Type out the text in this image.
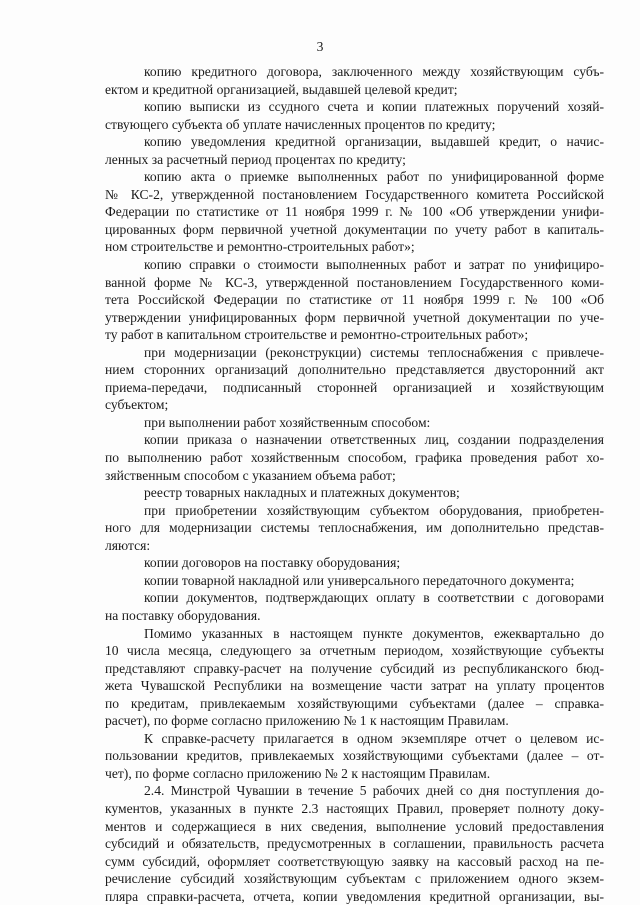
3
копию кредитного договора, заключенного между хозяйствующим субъ-
ектом и кредитной организацией, выдавшей целевой кредит;
копию выписки из ссудного счета и копии платежных поручений хозяй-
ствующего субъекта об уплате начисленных процентов по кредиту;
копию уведомления кредитной организации, выдавшей кредит, о начис-
ленных за расчетный период процентах по кредиту;
копию акта о приемке выполненных работ по унифицированной форме
№ КС-2, утвержденной постановлением Государственного комитета Российской
Федерации по статистике от 11 ноября 1999 г. № 100 «Об утверждении унифи-
цированных форм первичной учетной документации по учету работ в капиталь-
ном строительстве и ремонтно-строительных работ»;
копию справки о стоимости выполненных работ и затрат по унифициро-
ванной форме № КС-3, утвержденной постановлением Государственного коми-
тета Российской Федерации по статистике от 11 ноября 1999 г. № 100 «Об
утверждении унифицированных форм первичной учетной документации по уче-
ту работ в капитальном строительстве и ремонтно-строительных работ»;
при модернизации (реконструкции) системы теплоснабжения с привлече-
нием сторонних организаций дополнительно представляется двусторонний акт
приема-передачи, подписанный сторонней организацией и хозяйствующим
субъектом;
при выполнении работ хозяйственным способом:
копии приказа о назначении ответственных лиц, создании подразделения
по выполнению работ хозяйственным способом, графика проведения работ хо-
зяйственным способом с указанием объема работ;
реестр товарных накладных и платежных документов;
при приобретении хозяйствующим субъектом оборудования, приобретен-
ного для модернизации системы теплоснабжения, им дополнительно представ-
ляются:
копии договоров на поставку оборудования;
копии товарной накладной или универсального передаточного документа;
копии документов, подтверждающих оплату в соответствии с договорами
на поставку оборудования.
Помимо указанных в настоящем пункте документов, ежеквартально до
10 числа месяца, следующего за отчетным периодом, хозяйствующие субъекты
представляют справку-расчет на получение субсидий из республиканского бюд-
жета Чувашской Республики на возмещение части затрат на уплату процентов
по кредитам, привлекаемым хозяйствующими субъектами (далее – справка-
расчет), по форме согласно приложению № 1 к настоящим Правилам.
К справке-расчету прилагается в одном экземпляре отчет о целевом ис-
пользовании кредитов, привлекаемых хозяйствующими субъектами (далее – от-
чет), по форме согласно приложению № 2 к настоящим Правилам.
2.4. Минстрой Чувашии в течение 5 рабочих дней со дня поступления до-
кументов, указанных в пункте 2.3 настоящих Правил, проверяет полноту доку-
ментов и содержащиеся в них сведения, выполнение условий предоставления
субсидий и обязательств, предусмотренных в соглашении, правильность расчета
сумм субсидий, оформляет соответствующую заявку на кассовый расход на пе-
речисление субсидий хозяйствующим субъектам с приложением одного экзем-
пляра справки-расчета, отчета, копии уведомления кредитной организации, вы-
